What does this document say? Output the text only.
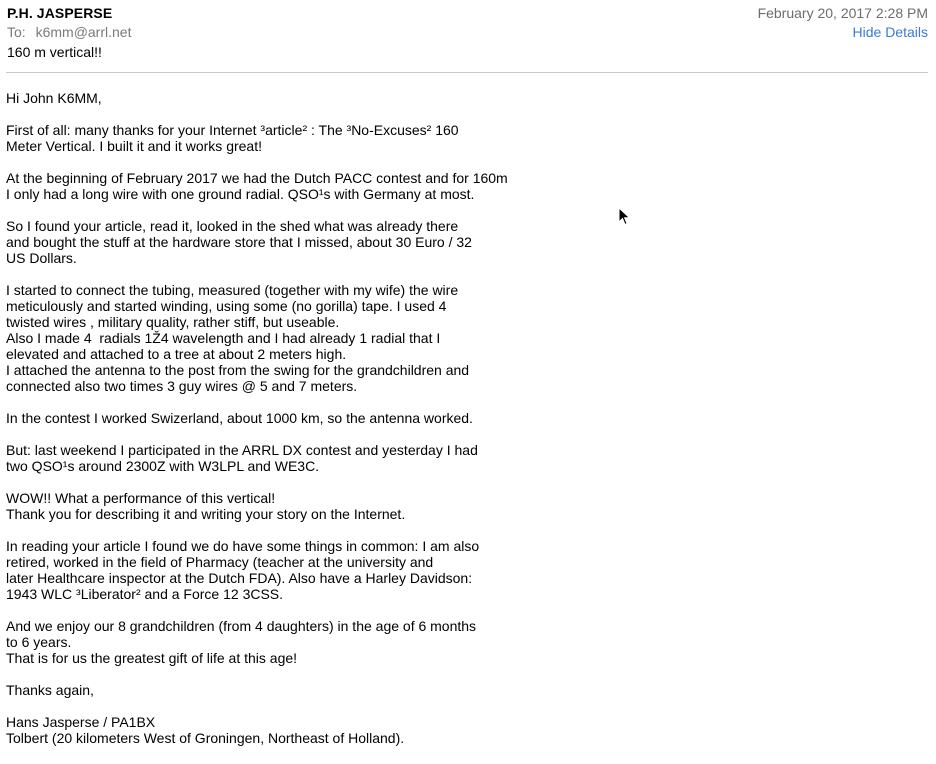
P.H. JASPERSE	February 20, 2017 2:28 PM
To: k6mm@arrl.net	Hide Details
160 m vertical!!
Hi John K6MM,
First of all: many thanks for your Internet ³article² : The ³No-Excuses² 160
Meter Vertical. I built it and it works great!
At the beginning of February 2017 we had the Dutch PACC contest and for 160m
I only had a long wire with one ground radial. QSO¹s with Germany at most.
So I found your article, read it, looked in the shed what was already there
and bought the stuff at the hardware store that I missed, about 30 Euro / 32
US Dollars.
I started to connect the tubing, measured (together with my wife) the wire
meticulously and started winding, using some (no gorilla) tape. I used 4
twisted wires , military quality, rather stiff, but useable.
Also I made 4  radials 1Ž4 wavelength and I had already 1 radial that I
elevated and attached to a tree at about 2 meters high.
I attached the antenna to the post from the swing for the grandchildren and
connected also two times 3 guy wires @ 5 and 7 meters.
In the contest I worked Swizerland, about 1000 km, so the antenna worked.
But: last weekend I participated in the ARRL DX contest and yesterday I had
two QSO¹s around 2300Z with W3LPL and WE3C.
WOW!! What a performance of this vertical!
Thank you for describing it and writing your story on the Internet.
In reading your article I found we do have some things in common: I am also
retired, worked in the field of Pharmacy (teacher at the university and
later Healthcare inspector at the Dutch FDA). Also have a Harley Davidson:
1943 WLC ³Liberator² and a Force 12 3CSS.
And we enjoy our 8 grandchildren (from 4 daughters) in the age of 6 months
to 6 years.
That is for us the greatest gift of life at this age!
Thanks again,
Hans Jasperse / PA1BX
Tolbert (20 kilometers West of Groningen, Northeast of Holland).
